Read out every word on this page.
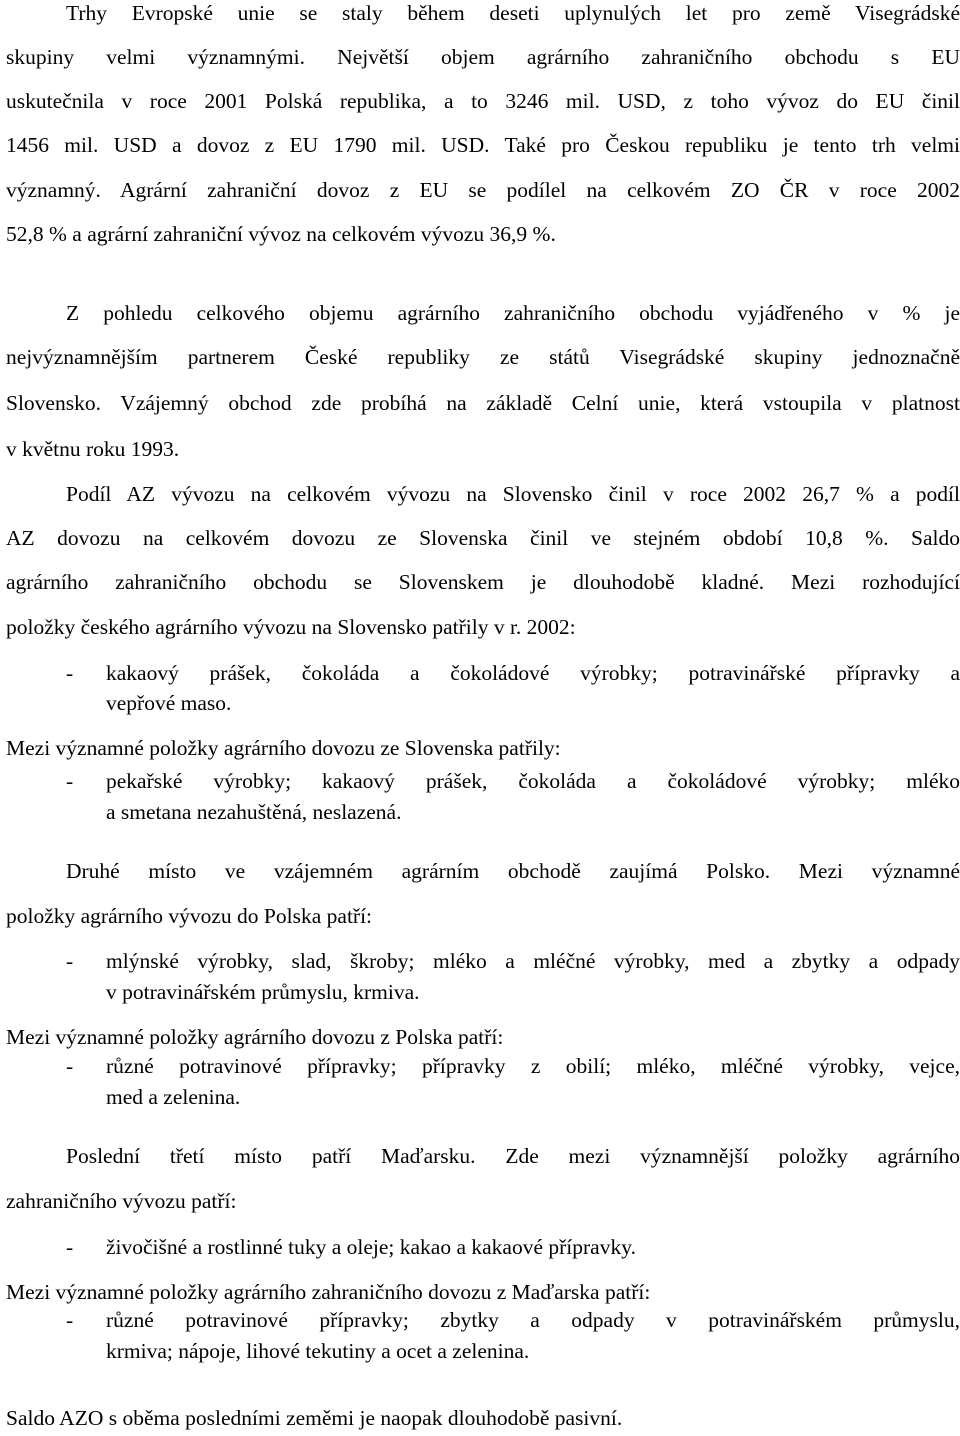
Trhy Evropské unie se staly během deseti uplynulých let pro země Visegrádské
skupiny velmi významnými. Největší objem agrárního zahraničního obchodu s EU
uskutečnila v roce 2001 Polská republika, a to 3246 mil. USD, z toho vývoz do EU činil
1456 mil. USD a dovoz z EU 1790 mil. USD. Také pro Českou republiku je tento trh velmi
významný. Agrární zahraniční dovoz z EU se podílel na celkovém ZO ČR v roce 2002
52,8 % a agrární zahraniční vývoz na celkovém vývozu 36,9 %.
Z pohledu celkového objemu agrárního zahraničního obchodu vyjádřeného v % je
nejvýznamnějším partnerem České republiky ze států Visegrádské skupiny jednoznačně
Slovensko. Vzájemný obchod zde probíhá na základě Celní unie, která vstoupila v platnost
v květnu roku 1993.
Podíl AZ vývozu na celkovém vývozu na Slovensko činil v roce 2002 26,7 % a podíl
AZ dovozu na celkovém dovozu ze Slovenska činil ve stejném období 10,8 %. Saldo
agrárního zahraničního obchodu se Slovenskem je dlouhodobě kladné. Mezi rozhodující
položky českého agrárního vývozu na Slovensko patřily v r. 2002:
- kakaový prášek, čokoláda a čokoládové výrobky; potravinářské přípravky a
vepřové maso.
Mezi významné položky agrárního dovozu ze Slovenska patřily:
- pekařské výrobky; kakaový prášek, čokoláda a čokoládové výrobky; mléko
a smetana nezahuštěná, neslazená.
Druhé místo ve vzájemném agrárním obchodě zaujímá Polsko. Mezi významné
položky agrárního vývozu do Polska patří:
- mlýnské výrobky, slad, škroby; mléko a mléčné výrobky, med a zbytky a odpady
v potravinářském průmyslu, krmiva.
Mezi významné položky agrárního dovozu z Polska patří:
- různé potravinové přípravky; přípravky z obilí; mléko, mléčné výrobky, vejce,
med a zelenina.
Poslední třetí místo patří Maďarsku. Zde mezi významnější položky agrárního
zahraničního vývozu patří:
- živočišné a rostlinné tuky a oleje; kakao a kakaové přípravky.
Mezi významné položky agrárního zahraničního dovozu z Maďarska patří:
- různé potravinové přípravky; zbytky a odpady v potravinářském průmyslu,
krmiva; nápoje, lihové tekutiny a ocet a zelenina.
Saldo AZO s oběma posledními zeměmi je naopak dlouhodobě pasivní.
